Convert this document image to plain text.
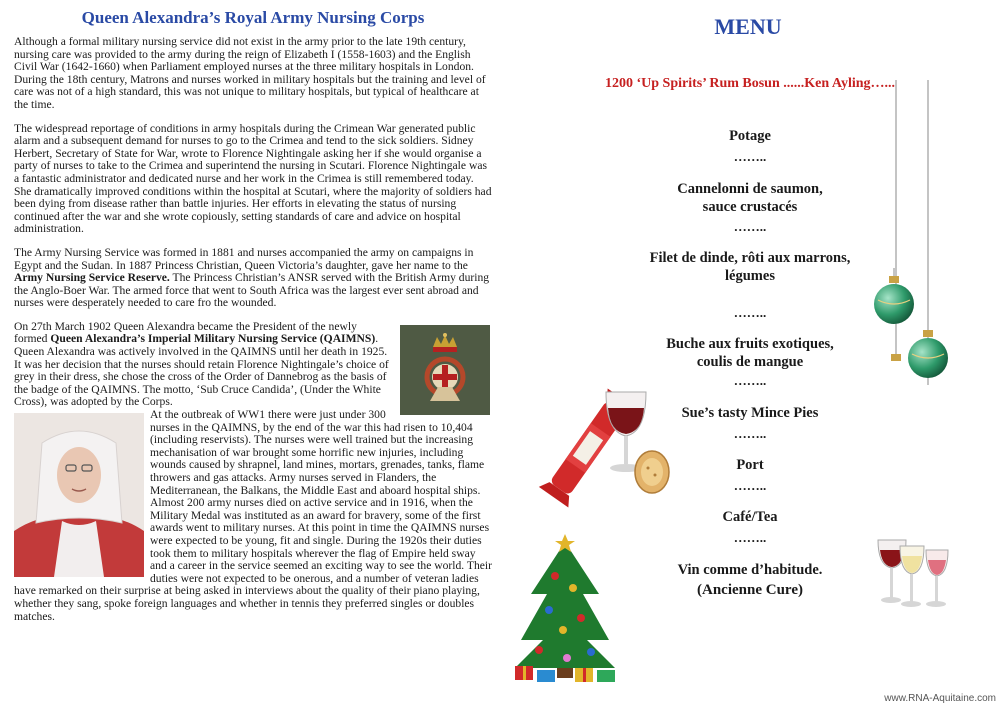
Queen Alexandra’s Royal Army Nursing Corps

Although a formal military nursing service did not exist in the army prior to the late 19th century, nursing care was provided to the army during the reign of Elizabeth I (1558-1603) and the English Civil War (1642-1660) when Parliament employed nurses at the three military hospitals in London. During the 18th century, Matrons and nurses worked in military hospitals but the training and level of care was not of a high standard, this was not unique to military hospitals, but typical of healthcare at the time.

The widespread reportage of conditions in army hospitals during the Crimean War generated public alarm and a subsequent demand for nurses to go to the Crimea and tend to the sick soldiers. Sidney Herbert, Secretary of State for War, wrote to Florence Nightingale asking her if she would organise a party of nurses to take to the Crimea and superintend the nursing in Scutari. Florence Nightingale was a fantastic administrator and dedicated nurse and her work in the Crimea is still remembered today. She dramatically improved conditions within the hospital at Scutari, where the majority of soldiers had been dying from disease rather than battle injuries. Her efforts in elevating the status of nursing continued after the war and she wrote copiously, setting standards of care and advice on hospital administration.

The Army Nursing Service was formed in 1881 and nurses accompanied the army on campaigns in Egypt and the Sudan. In 1887 Princess Christian, Queen Victoria’s daughter, gave her name to the Army Nursing Service Reserve. The Princess Christian’s ANSR served with the British Army during the Anglo-Boer War. The armed force that went to South Africa was the largest ever sent abroad and nurses were desperately needed to care fro the wounded.

On 27th March 1902 Queen Alexandra became the President of the newly formed Queen Alexandra’s Imperial Military Nursing Service (QAIMNS). Queen Alexandra was actively involved in the QAIMNS until her death in 1925. It was her decision that the nurses should retain Florence Nightingale’s choice of grey in their dress, she chose the cross of the Order of Dannebrog as the basis of the badge of the QAIMNS. The motto, ‘Sub Cruce Candida’, (Under the White Cross), was adopted by the Corps.

At the outbreak of WW1 there were just under 300 nurses in the QAIMNS, by the end of the war this had risen to 10,404 (including reservists). The nurses were well trained but the increasing mechanisation of war brought some horrific new injuries, including wounds caused by shrapnel, land mines, mortars, grenades, tanks, flame throwers and gas attacks. Army nurses served in Flanders, the Mediterranean, the Balkans, the Middle East and aboard hospital ships. Almost 200 army nurses died on active service and in 1916, when the Military Medal was instituted as an award for bravery, some of the first awards went to military nurses. At this point in time the QAIMNS nurses were expected to be young, fit and single. During the 1920s their duties took them to military hospitals wherever the flag of Empire held sway and a career in the service seemed an exciting way to see the world. Their duties were not expected to be onerous, and a number of veteran ladies have remarked on their surprise at being asked in interviews about the quality of their piano playing, whether they sang, spoke foreign languages and whether in tennis they preferred singles or doubles matches.

MENU
1200 ‘Up Spirits’ Rum Bosun ......Ken Ayling…...
Potage
……..
Cannelonni de saumon,
sauce crustacés
……..
Filet de dinde, rôti aux marrons,
légumes
……..
Buche aux fruits exotiques,
coulis de mangue
……..
Sue’s tasty Mince Pies
……..
Port
……..
Café/Tea
……..
Vin comme d’habitude.
(Ancienne Cure)
www.RNA-Aquitaine.com
